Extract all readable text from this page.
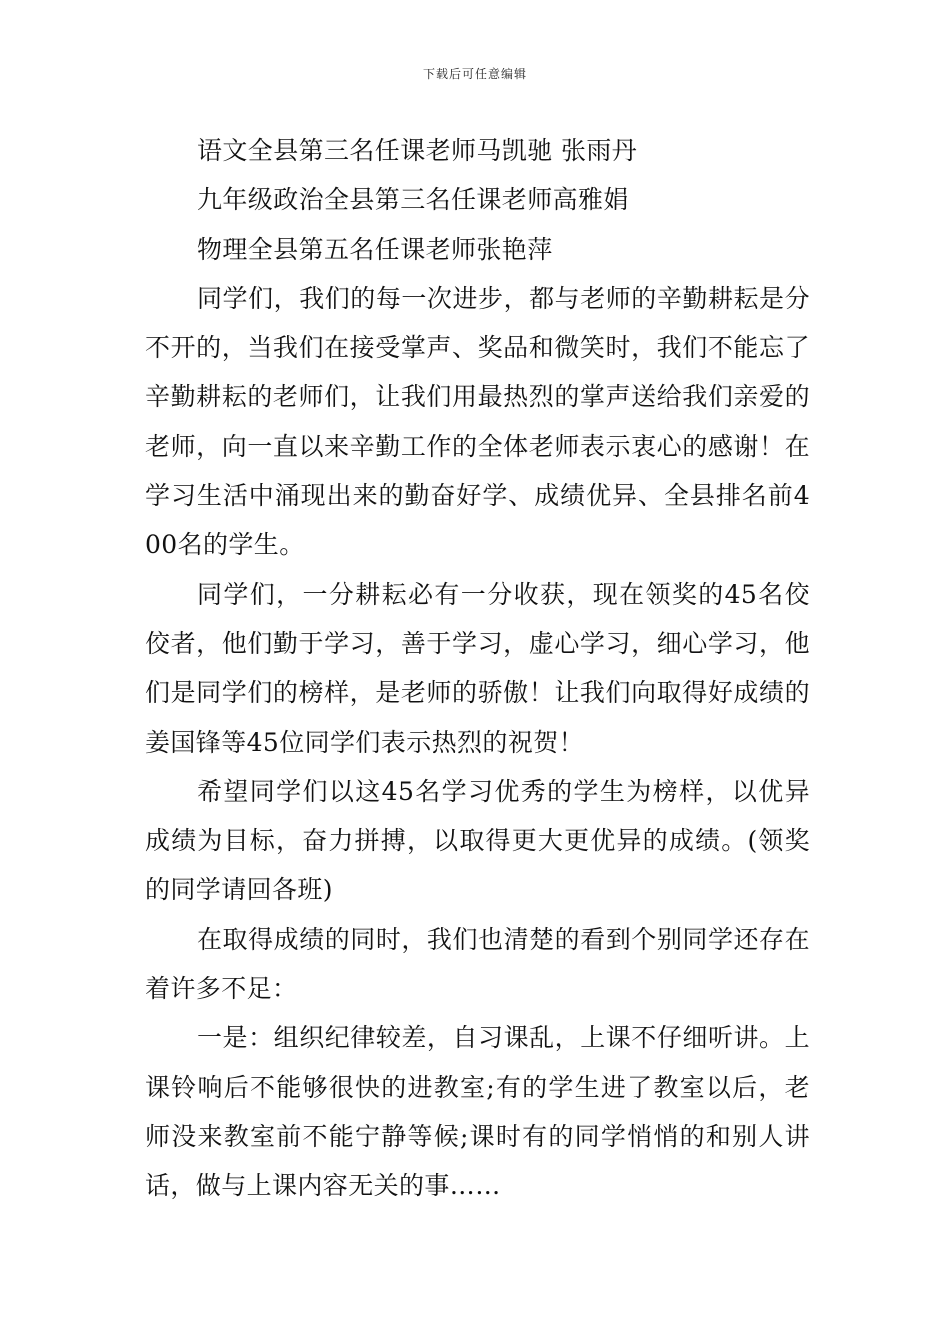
下载后可任意编辑

语文全县第三名任课老师马凯驰 张雨丹

九年级政治全县第三名任课老师高雅娟

物理全县第五名任课老师张艳萍

同学们，我们的每一次进步，都与老师的辛勤耕耘是分不开的，当我们在接受掌声、奖品和微笑时，我们不能忘了辛勤耕耘的老师们，让我们用最热烈的掌声送给我们亲爱的老师，向一直以来辛勤工作的全体老师表示衷心的感谢！在学习生活中涌现出来的勤奋好学、成绩优异、全县排名前400名的学生。

同学们，一分耕耘必有一分收获，现在领奖的45名佼佼者，他们勤于学习，善于学习，虚心学习，细心学习，他们是同学们的榜样，是老师的骄傲！让我们向取得好成绩的姜国锋等45位同学们表示热烈的祝贺！

希望同学们以这45名学习优秀的学生为榜样，以优异成绩为目标，奋力拼搏，以取得更大更优异的成绩。(领奖的同学请回各班)

在取得成绩的同时，我们也清楚的看到个别同学还存在着许多不足：

一是：组织纪律较差，自习课乱，上课不仔细听讲。上课铃响后不能够很快的进教室;有的学生进了教室以后，老师没来教室前不能宁静等候;课时有的同学悄悄的和别人讲话，做与上课内容无关的事……
